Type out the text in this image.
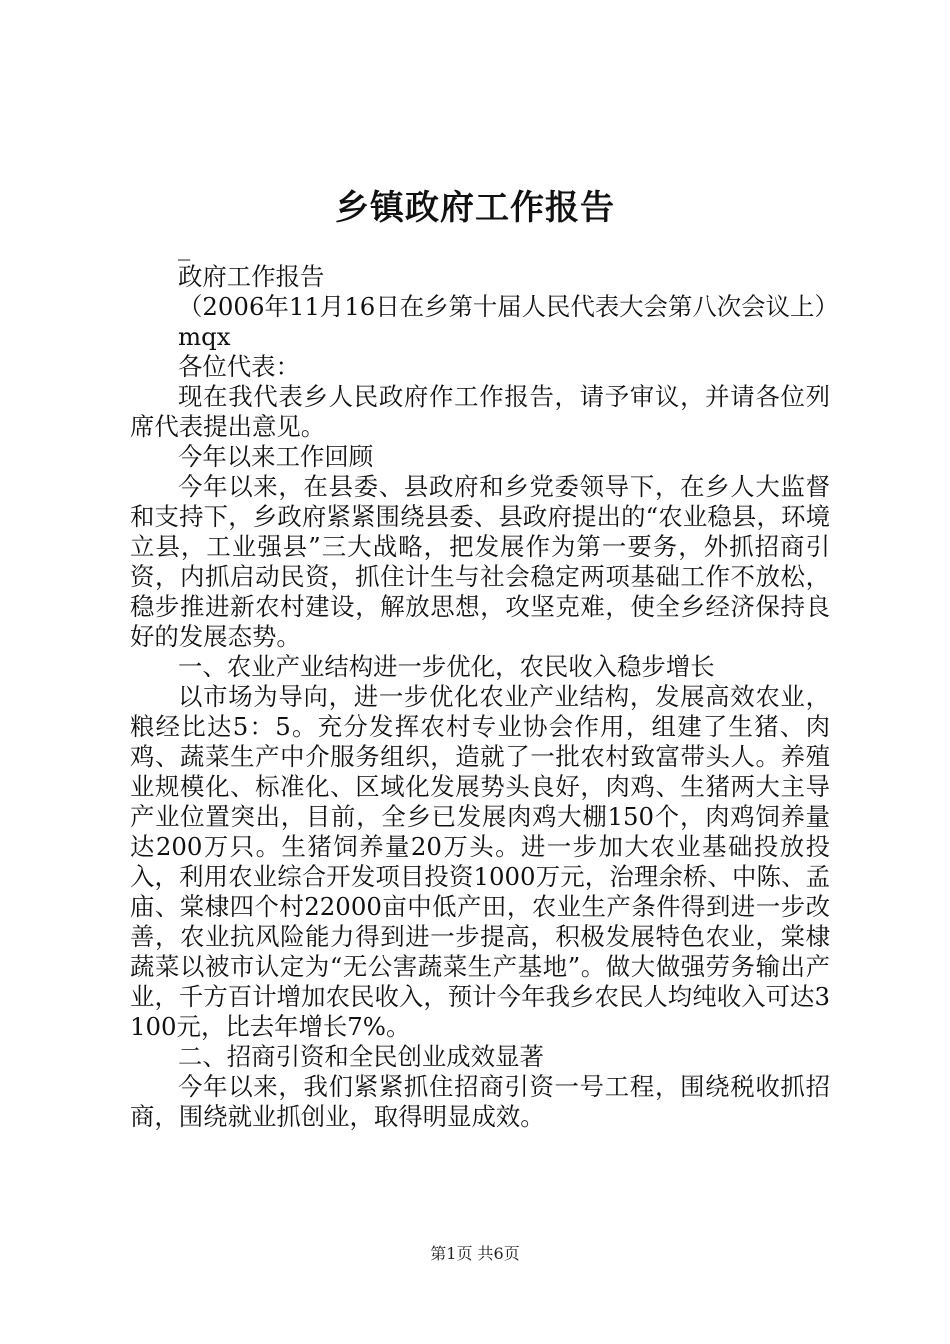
乡镇政府工作报告

_

政府工作报告

（2006年11月16日在乡第十届人民代表大会第八次会议上）

mqx

各位代表：

现在我代表乡人民政府作工作报告，请予审议，并请各位列席代表提出意见。

今年以来工作回顾

今年以来，在县委、县政府和乡党委领导下，在乡人大监督和支持下，乡政府紧紧围绕县委、县政府提出的“农业稳县，环境立县，工业强县”三大战略，把发展作为第一要务，外抓招商引资，内抓启动民资，抓住计生与社会稳定两项基础工作不放松，稳步推进新农村建设，解放思想，攻坚克难，使全乡经济保持良好的发展态势。

一、农业产业结构进一步优化，农民收入稳步增长

以市场为导向，进一步优化农业产业结构，发展高效农业，粮经比达5：5。充分发挥农村专业协会作用，组建了生猪、肉鸡、蔬菜生产中介服务组织，造就了一批农村致富带头人。养殖业规模化、标准化、区域化发展势头良好，肉鸡、生猪两大主导产业位置突出，目前，全乡已发展肉鸡大棚150个，肉鸡饲养量达200万只。生猪饲养量20万头。进一步加大农业基础投放投入，利用农业综合开发项目投资1000万元，治理余桥、中陈、孟庙、棠棣四个村22000亩中低产田，农业生产条件得到进一步改善，农业抗风险能力得到进一步提高，积极发展特色农业，棠棣蔬菜以被市认定为“无公害蔬菜生产基地”。做大做强劳务输出产业，千方百计增加农民收入，预计今年我乡农民人均纯收入可达3100元，比去年增长7%。

二、招商引资和全民创业成效显著

今年以来，我们紧紧抓住招商引资一号工程，围绕税收抓招商，围绕就业抓创业，取得明显成效。

第1页 共6页
